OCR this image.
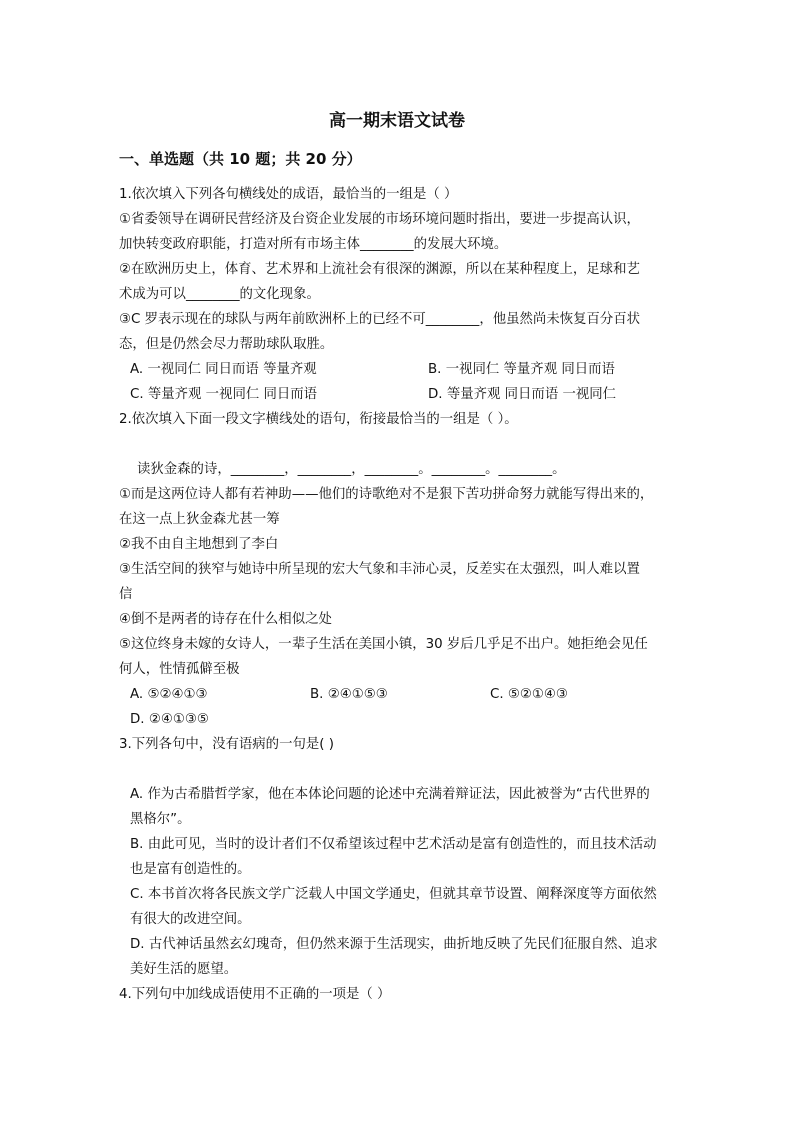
高一期末语文试卷
一、单选题（共 10 题；共 20 分）
1.依次填入下列各句横线处的成语，最恰当的一组是（ ）
①省委领导在调研民营经济及台资企业发展的市场环境问题时指出，要进一步提高认识，
加快转变政府职能，打造对所有市场主体________的发展大环境。
②在欧洲历史上，体育、艺术界和上流社会有很深的渊源，所以在某种程度上，足球和艺
术成为可以________的文化现象。
③C 罗表示现在的球队与两年前欧洲杯上的已经不可________，他虽然尚未恢复百分百状
态，但是仍然会尽力帮助球队取胜。
A. 一视同仁 同日而语 等量齐观	B. 一视同仁 等量齐观 同日而语
C. 等量齐观 一视同仁 同日而语	D. 等量齐观 同日而语 一视同仁
2.依次填入下面一段文字横线处的语句，衔接最恰当的一组是（ ）。
读狄金森的诗，________，________，________。________。________。
①而是这两位诗人都有若神助——他们的诗歌绝对不是狠下苦功拼命努力就能写得出来的，
在这一点上狄金森尤甚一筹
②我不由自主地想到了李白
③生活空间的狭窄与她诗中所呈现的宏大气象和丰沛心灵，反差实在太强烈，叫人难以置
信
④倒不是两者的诗存在什么相似之处
⑤这位终身未嫁的女诗人，一辈子生活在美国小镇，30 岁后几乎足不出户。她拒绝会见任
何人，性情孤僻至极
A. ⑤②④①③	B. ②④①⑤③	C. ⑤②①④③
D. ②④①③⑤
3.下列各句中，没有语病的一句是( )
A. 作为古希腊哲学家，他在本体论问题的论述中充满着辩证法，因此被誉为“古代世界的
黑格尔”。
B. 由此可见，当时的设计者们不仅希望该过程中艺术活动是富有创造性的，而且技术活动
也是富有创造性的。
C. 本书首次将各民族文学广泛载人中国文学通史，但就其章节设置、阐释深度等方面依然
有很大的改进空间。
D. 古代神话虽然玄幻瑰奇，但仍然来源于生活现实，曲折地反映了先民们征服自然、追求
美好生活的愿望。
4.下列句中加线成语使用不正确的一项是（ ）
